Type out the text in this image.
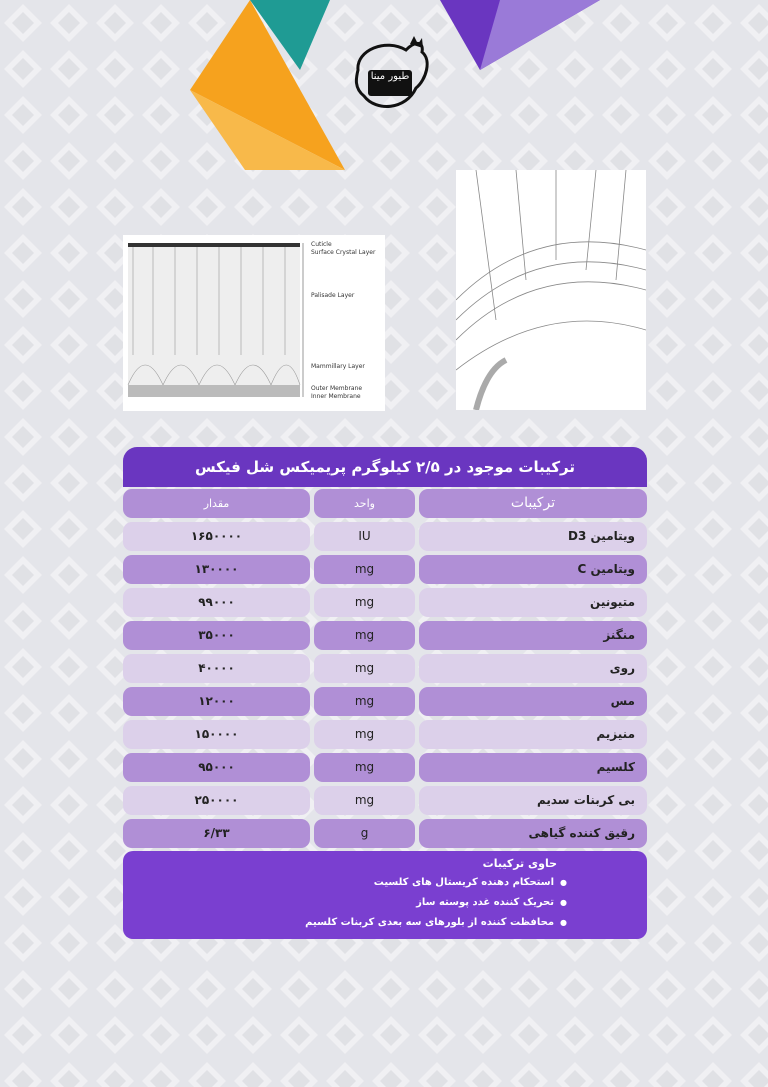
طیور مینا
Cuticle
Surface Crystal Layer
Palisade Layer
Mammillary Layer
Outer Membrane
Inner Membrane
ترکیبات موجود در ۲/۵ کیلوگرم پریمیکس شل فیکس
ترکیبات
واحد
مقدار
ویتامین D3
IU
۱۶۵۰۰۰۰
ویتامین C
mg
۱۳۰۰۰۰
متیونین
mg
۹۹۰۰۰
منگنز
mg
۳۵۰۰۰
روی
mg
۴۰۰۰۰
مس
mg
۱۲۰۰۰
منیزیم
mg
۱۵۰۰۰۰
کلسیم
mg
۹۵۰۰۰
بی کربنات سدیم
mg
۲۵۰۰۰۰
رقیق کننده گیاهی
g
۶/۳۳
حاوی ترکیبات
● استحکام دهنده کریستال های کلسیت
● تحریک کننده غدد پوسته ساز
● محافظت کننده از بلورهای سه بعدی کربنات کلسیم
